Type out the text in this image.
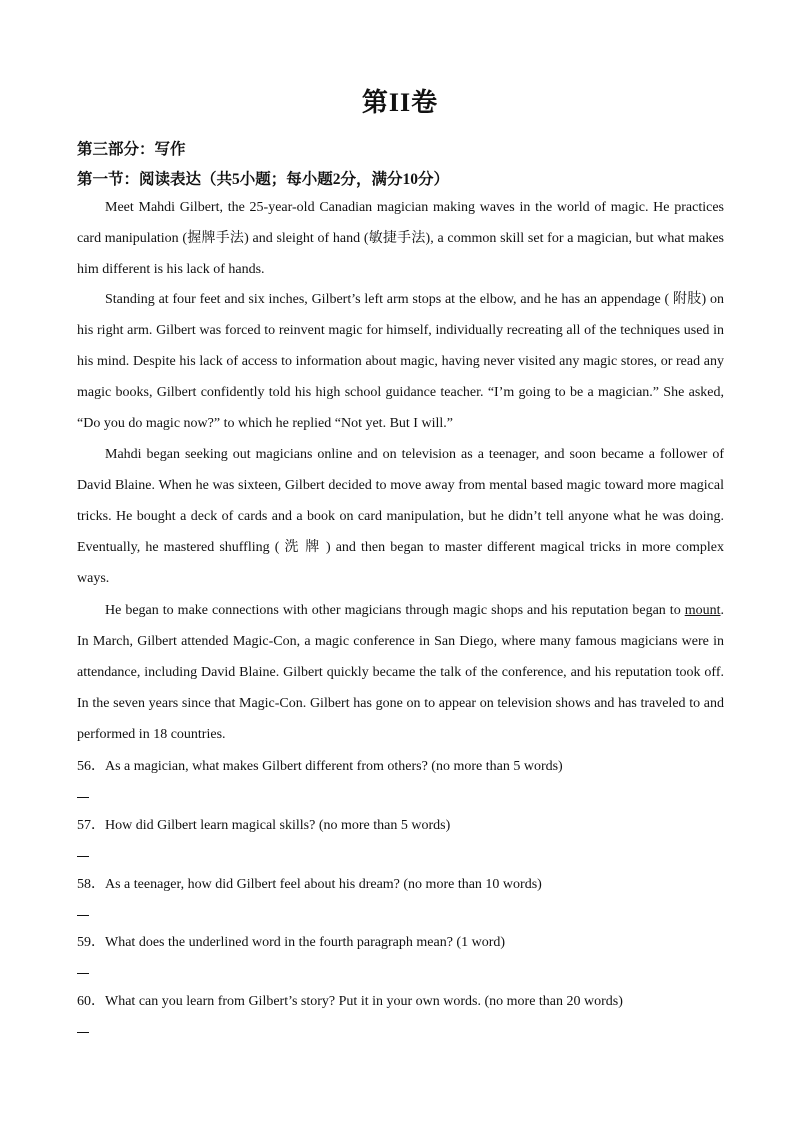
第II卷
第三部分：写作
第一节：阅读表达（共5小题；每小题2分，满分10分）

Meet Mahdi Gilbert, the 25-year-old Canadian magician making waves in the world of magic. He practices card manipulation (握牌手法) and sleight of hand (敏捷手法), a common skill set for a magician, but what makes him different is his lack of hands.

Standing at four feet and six inches, Gilbert’s left arm stops at the elbow, and he has an appendage ( 附肢) on his right arm. Gilbert was forced to reinvent magic for himself, individually recreating all of the techniques used in his mind. Despite his lack of access to information about magic, having never visited any magic stores, or read any magic books, Gilbert confidently told his high school guidance teacher. “I’m going to be a magician.” She asked, “Do you do magic now?” to which he replied “Not yet. But I will.”

Mahdi began seeking out magicians online and on television as a teenager, and soon became a follower of David Blaine. When he was sixteen, Gilbert decided to move away from mental based magic toward more magical tricks. He bought a deck of cards and a book on card manipulation, but he didn’t tell anyone what he was doing. Eventually, he mastered shuffling ( 洗 牌 ) and then began to master different magical tricks in more complex ways.

He began to make connections with other magicians through magic shops and his reputation began to mount. In March, Gilbert attended Magic-Con, a magic conference in San Diego, where many famous magicians were in attendance, including David Blaine. Gilbert quickly became the talk of the conference, and his reputation took off. In the seven years since that Magic-Con. Gilbert has gone on to appear on television shows and has traveled to and performed in 18 countries.

56．As a magician, what makes Gilbert different from others? (no more than 5 words)
57．How did Gilbert learn magical skills? (no more than 5 words)
58．As a teenager, how did Gilbert feel about his dream? (no more than 10 words)
59．What does the underlined word in the fourth paragraph mean? (1 word)
60．What can you learn from Gilbert’s story? Put it in your own words. (no more than 20 words)
